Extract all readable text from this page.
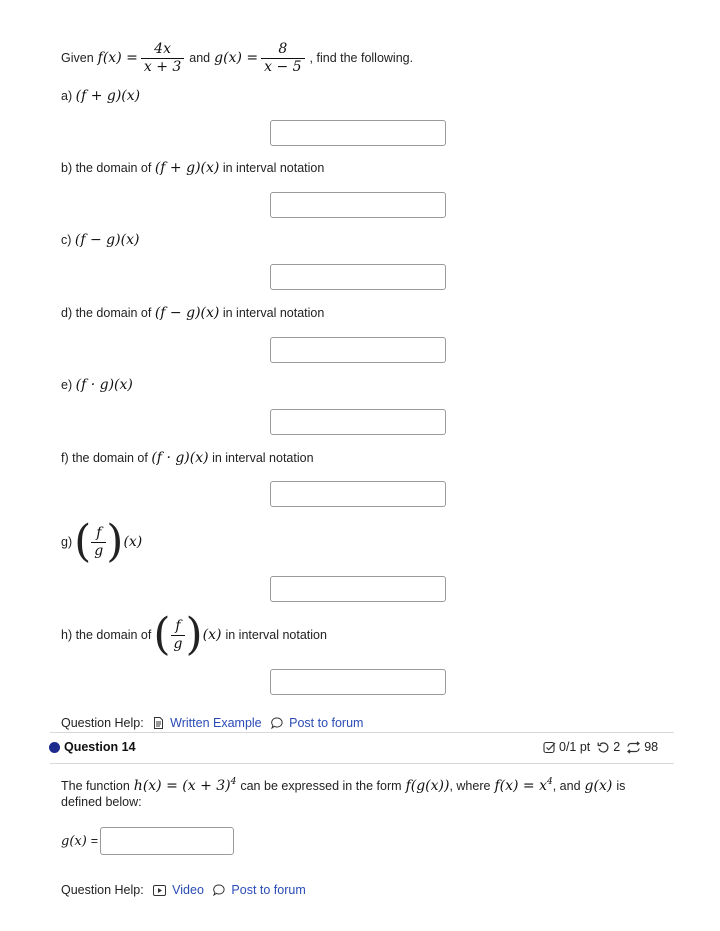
Given $f(x) = \frac{4x}{x + 3}$ and $g(x) = \frac{8}{x - 5}$ , find the following.
a) (f + g)(x)
b) the domain of (f + g)(x) in interval notation
c) (f − g)(x)
d) the domain of (f − g)(x) in interval notation
e) (f · g)(x)
f) the domain of (f · g)(x) in interval notation
g) ( $\frac{f}{g}$ ) (x)
h) the domain of ( $\frac{f}{g}$ ) (x) in interval notation
Question Help:	Written Example	Post to forum
Question 14	0/1 pt 2 98
The function $h(x) = (x + 3)^4$ can be expressed in the form f(g(x)) , where $f(x) = x^4$ , and g(x) is
defined below:
g(x) =
Question Help:	Video	Post to forum
